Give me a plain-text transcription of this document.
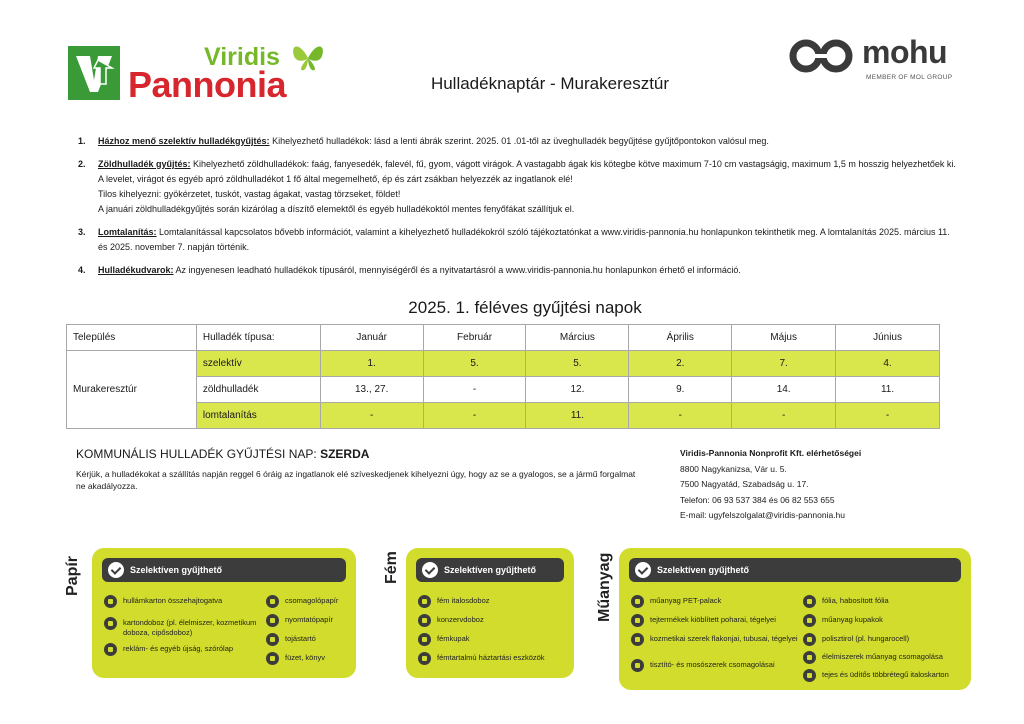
Viridis
Pannonia	Hulladéknaptár - Murakeresztúr
mohu
MEMBER OF MOL GROUP
1. Házhoz menő szelektív hulladékgyűjtés: Kihelyezhető hulladékok: lásd a lenti ábrák szerint. 2025. 01 .01-től az üveghulladék begyűjtése gyűjtőpontokon valósul meg.
2. Zöldhulladék gyűjtés: Kihelyezhető zöldhulladékok: faág, fanyesedék, falevél, fű, gyom, vágott virágok. A vastagabb ágak kis kötegbe kötve maximum 7-10 cm vastagságig, maximum 1,5 m hosszig helyezhetőek ki. A levelet, virágot és egyéb apró zöldhulladékot 1 fő által megemelhető, ép és zárt zsákban helyezzék az ingatlanok elé!
Tilos kihelyezni: gyökérzetet, tuskót, vastag ágakat, vastag törzseket, földet!
A januári zöldhulladékgyűjtés során kizárólag a díszítő elemektől és egyéb hulladékoktól mentes fenyőfákat szállítjuk el.
3. Lomtalanítás: Lomtalanítással kapcsolatos bővebb információt, valamint a kihelyezhető hulladékokról szóló tájékoztatónkat a www.viridis-pannonia.hu honlapunkon tekinthetik meg. A lomtalanítás 2025. március 11. és 2025. november 7. napján történik.
4. Hulladékudvarok: Az ingyenesen leadható hulladékok típusáról, mennyiségéről és a nyitvatartásról a www.viridis-pannonia.hu honlapunkon érhető el információ.
2025. 1. féléves gyűjtési napok
Település	Hulladék típusa:	Január	Február	Március	Április	Május	Június
Murakeresztúr	szelektív	1.	5.	5.	2.	7.	4.
	zöldhulladék	13., 27.	-	12.	9.	14.	11.
	lomtalanítás	-	-	11.	-	-	-
KOMMUNÁLIS HULLADÉK GYŰJTÉSI NAP: SZERDA
Kérjük, a hulladékokat a szállítás napján reggel 6 óráig az ingatlanok elé szíveskedjenek kihelyezni úgy, hogy az se a gyalogos, se a jármű forgalmat ne akadályozza.
Viridis-Pannonia Nonprofit Kft. elérhetőségei
8800 Nagykanizsa, Vár u. 5.
7500 Nagyatád, Szabadság u. 17.
Telefon: 06 93 537 384 és 06 82 553 655
E-mail: ugyfelszolgalat@viridis-pannonia.hu
Papír	Szelektíven gyűjthető
hullámkarton összehajtogatva
kartondoboz (pl. élelmiszer, kozmetikum doboza, cipősdoboz)
reklám- és egyéb újság, szórólap
csomagolópapír
nyomtatópapír
tojástartó
füzet, könyv
Fém	Szelektíven gyűjthető
fém italosdoboz
konzervdoboz
fémkupak
fémtartalmú háztartási eszközök
Műanyag	Szelektíven gyűjthető
műanyag PET-palack
tejtermékek kiöblített poharai, tégelyei
kozmetikai szerek flakonjai, tubusai, tégelyei
tisztító- és mosószerek csomagolásai
fólia, habosított fólia
műanyag kupakok
polisztirol (pl. hungarocell)
élelmiszerek műanyag csomagolása
tejes és üdítős többrétegű italoskarton
